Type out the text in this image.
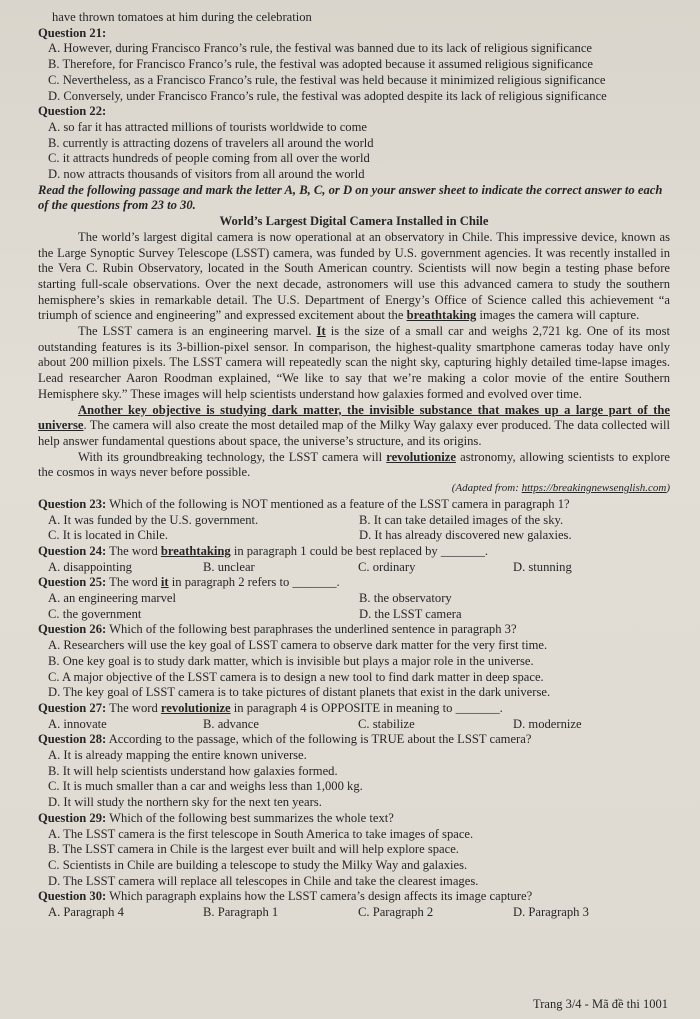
have thrown tomatoes at him during the celebration
Question 21:
A. However, during Francisco Franco’s rule, the festival was banned due to its lack of religious significance
B. Therefore, for Francisco Franco’s rule, the festival was adopted because it assumed religious significance
C. Nevertheless, as a Francisco Franco’s rule, the festival was held because it minimized religious significance
D. Conversely, under Francisco Franco’s rule, the festival was adopted despite its lack of religious significance
Question 22:
A. so far it has attracted millions of tourists worldwide to come
B. currently is attracting dozens of travelers all around the world
C. it attracts hundreds of people coming from all over the world
D. now attracts thousands of visitors from all around the world
Read the following passage and mark the letter A, B, C, or D on your answer sheet to indicate the correct answer to each of the questions from 23 to 30.
World’s Largest Digital Camera Installed in Chile
The world’s largest digital camera is now operational at an observatory in Chile. This impressive device, known as the Large Synoptic Survey Telescope (LSST) camera, was funded by U.S. government agencies. It was recently installed in the Vera C. Rubin Observatory, located in the South American country. Scientists will now begin a testing phase before starting full-scale observations. Over the next decade, astronomers will use this advanced camera to study the southern hemisphere’s skies in remarkable detail. The U.S. Department of Energy’s Office of Science called this achievement “a triumph of science and engineering” and expressed excitement about the breathtaking images the camera will capture.
The LSST camera is an engineering marvel. It is the size of a small car and weighs 2,721 kg. One of its most outstanding features is its 3-billion-pixel sensor. In comparison, the highest-quality smartphone cameras today have only about 200 million pixels. The LSST camera will repeatedly scan the night sky, capturing highly detailed time-lapse images. Lead researcher Aaron Roodman explained, “We like to say that we’re making a color movie of the entire Southern Hemisphere sky.” These images will help scientists understand how galaxies formed and evolved over time.
Another key objective is studying dark matter, the invisible substance that makes up a large part of the universe. The camera will also create the most detailed map of the Milky Way galaxy ever produced. The data collected will help answer fundamental questions about space, the universe’s structure, and its origins.
With its groundbreaking technology, the LSST camera will revolutionize astronomy, allowing scientists to explore the cosmos in ways never before possible.
(Adapted from: https://breakingnewsenglish.com)
Question 23: Which of the following is NOT mentioned as a feature of the LSST camera in paragraph 1?
A. It was funded by the U.S. government.	B. It can take detailed images of the sky.
C. It is located in Chile.	D. It has already discovered new galaxies.
Question 24: The word breathtaking in paragraph 1 could be best replaced by _______.
A. disappointing	B. unclear	C. ordinary	D. stunning
Question 25: The word it in paragraph 2 refers to _______.
A. an engineering marvel	B. the observatory
C. the government	D. the LSST camera
Question 26: Which of the following best paraphrases the underlined sentence in paragraph 3?
A. Researchers will use the key goal of LSST camera to observe dark matter for the very first time.
B. One key goal is to study dark matter, which is invisible but plays a major role in the universe.
C. A major objective of the LSST camera is to design a new tool to find dark matter in deep space.
D. The key goal of LSST camera is to take pictures of distant planets that exist in the dark universe.
Question 27: The word revolutionize in paragraph 4 is OPPOSITE in meaning to _______.
A. innovate	B. advance	C. stabilize	D. modernize
Question 28: According to the passage, which of the following is TRUE about the LSST camera?
A. It is already mapping the entire known universe.
B. It will help scientists understand how galaxies formed.
C. It is much smaller than a car and weighs less than 1,000 kg.
D. It will study the northern sky for the next ten years.
Question 29: Which of the following best summarizes the whole text?
A. The LSST camera is the first telescope in South America to take images of space.
B. The LSST camera in Chile is the largest ever built and will help explore space.
C. Scientists in Chile are building a telescope to study the Milky Way and galaxies.
D. The LSST camera will replace all telescopes in Chile and take the clearest images.
Question 30: Which paragraph explains how the LSST camera’s design affects its image capture?
A. Paragraph 4	B. Paragraph 1	C. Paragraph 2	D. Paragraph 3
Trang 3/4 - Mã đề thi 1001
